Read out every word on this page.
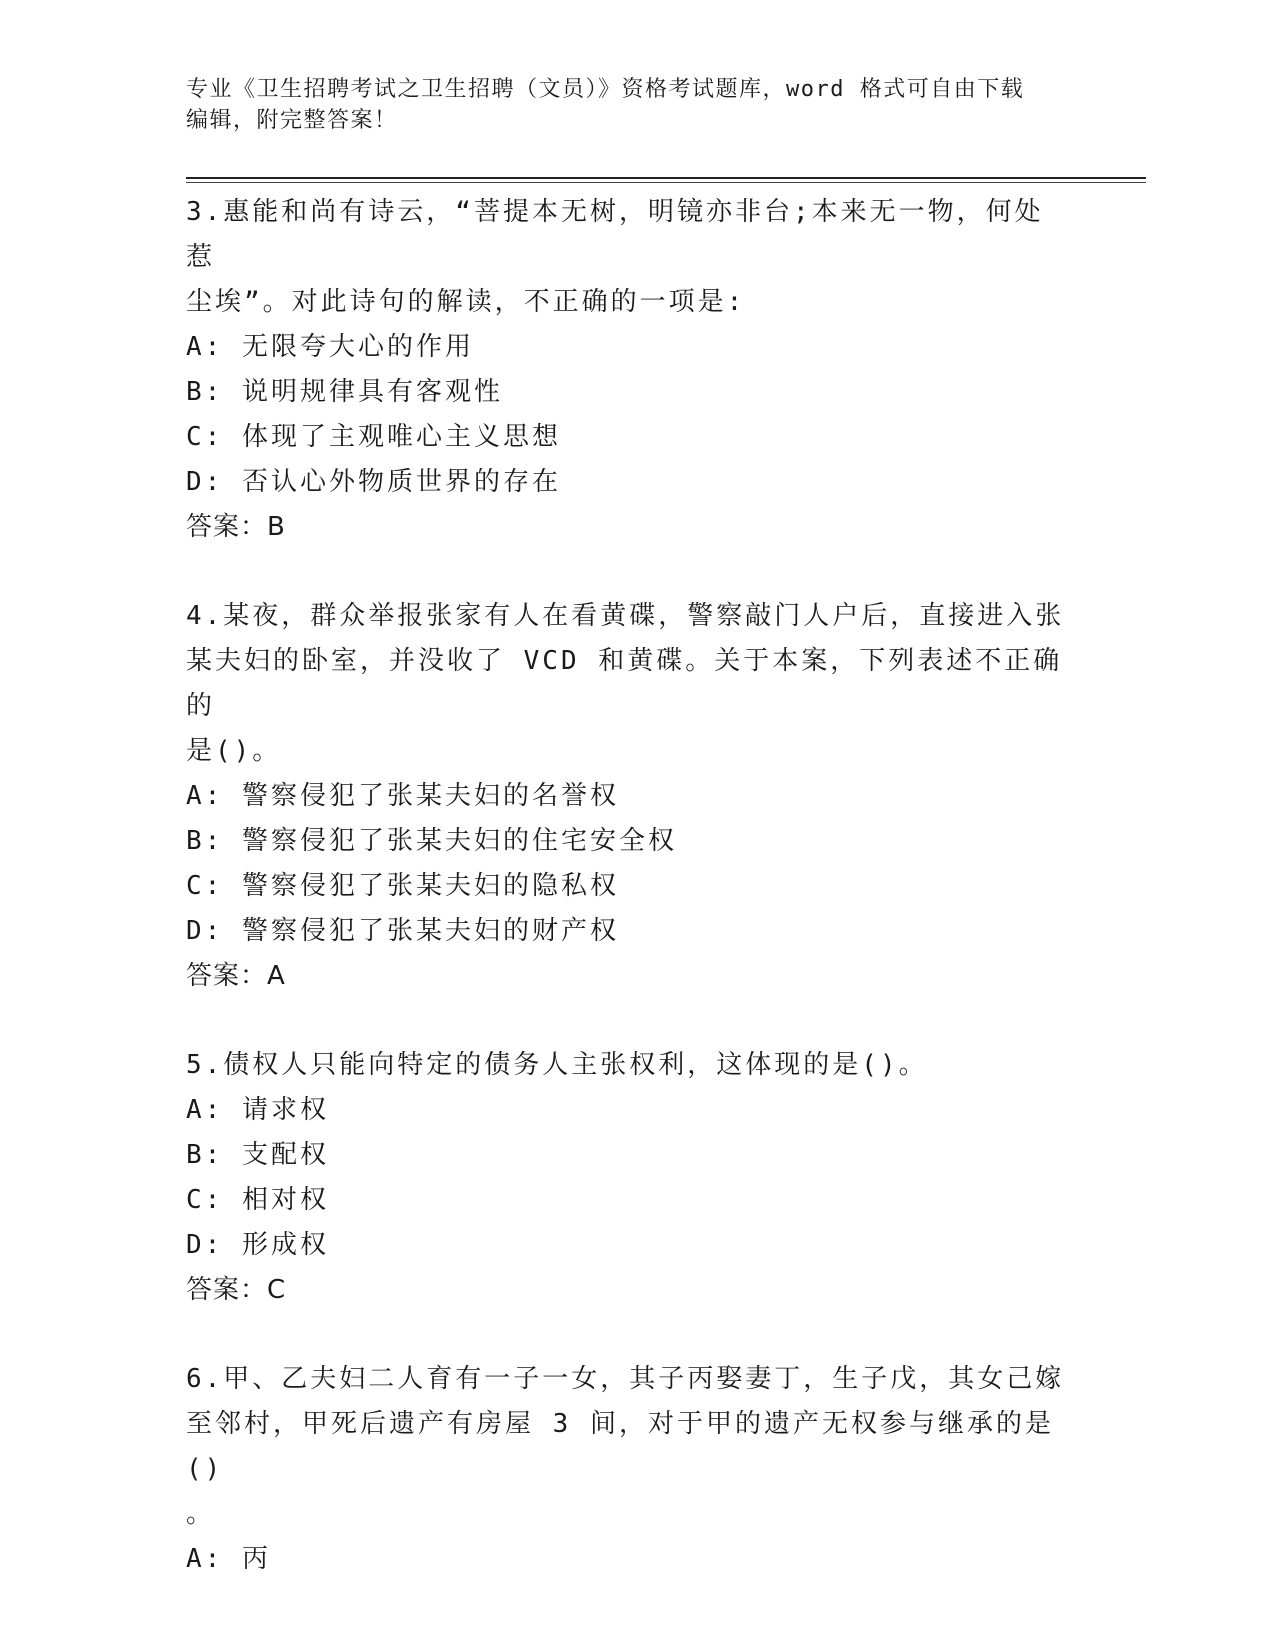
专业《卫生招聘考试之卫生招聘（文员）》资格考试题库，word 格式可自由下载
编辑，附完整答案！
3.惠能和尚有诗云，“菩提本无树，明镜亦非台;本来无一物，何处惹
尘埃”。对此诗句的解读，不正确的一项是:
A: 无限夸大心的作用
B: 说明规律具有客观性
C: 体现了主观唯心主义思想
D: 否认心外物质世界的存在
答案：B
4.某夜，群众举报张家有人在看黄碟，警察敲门人户后，直接进入张
某夫妇的卧室，并没收了 VCD 和黄碟。关于本案，下列表述不正确的
是()。
A: 警察侵犯了张某夫妇的名誉权
B: 警察侵犯了张某夫妇的住宅安全权
C: 警察侵犯了张某夫妇的隐私权
D: 警察侵犯了张某夫妇的财产权
答案：A
5.债权人只能向特定的债务人主张权利，这体现的是()。
A: 请求权
B: 支配权
C: 相对权
D: 形成权
答案：C
6.甲、乙夫妇二人育有一子一女，其子丙娶妻丁，生子戊，其女己嫁
至邻村，甲死后遗产有房屋 3 间，对于甲的遗产无权参与继承的是()
。
A: 丙
